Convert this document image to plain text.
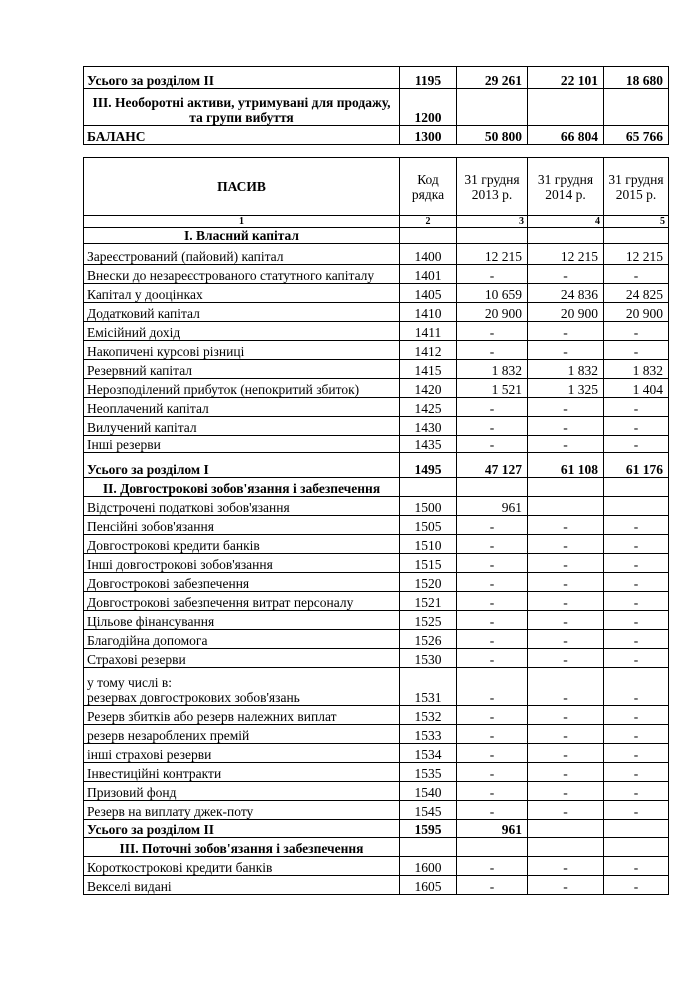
Усього за розділом II	1195	29 261	22 101	18 680
III. Необоротні активи, утримувані для продажу, та групи вибуття	1200			
БАЛАНС	1300	50 800	66 804	65 766
ПАСИВ	Код рядка	31 грудня 2013 р.	31 грудня 2014 р.	31 грудня 2015 р.
1	2	3	4	5
І. Власний капітал				
Зареєстрований (пайовий) капітал	1400	12 215	12 215	12 215
Внески до незареєстрованого статутного капіталу	1401	-	-	-
Капітал у дооцінках	1405	10 659	24 836	24 825
Додатковий капітал	1410	20 900	20 900	20 900
Емісійний дохід	1411	-	-	-
Накопичені курсові різниці	1412	-	-	-
Резервний капітал	1415	1 832	1 832	1 832
Нерозподілений прибуток (непокритий збиток)	1420	1 521	1 325	1 404
Неоплачений капітал	1425	-	-	-
Вилучений капітал	1430	-	-	-
Інші резерви	1435	-	-	-
Усього за розділом І	1495	47 127	61 108	61 176
ІІ. Довгострокові зобов'язання і забезпечення				
Відстрочені податкові зобов'язання	1500	961		
Пенсійні зобов'язання	1505	-	-	-
Довгострокові кредити банків	1510	-	-	-
Інші довгострокові зобов'язання	1515	-	-	-
Довгострокові забезпечення	1520	-	-	-
Довгострокові забезпечення витрат персоналу	1521	-	-	-
Цільове фінансування	1525	-	-	-
Благодійна допомога	1526	-	-	-
Страхові резерви	1530	-	-	-
у тому числі в:
резервах довгострокових зобов'язань	1531	-	-	-
Резерв збитків або резерв належних виплат	1532	-	-	-
резерв незароблених премій	1533	-	-	-
інші страхові резерви	1534	-	-	-
Інвестиційні контракти	1535	-	-	-
Призовий фонд	1540	-	-	-
Резерв на виплату джек-поту	1545	-	-	-
Усього за розділом ІІ	1595	961		
ІІІ. Поточні зобов'язання і забезпечення				
Короткострокові кредити банків	1600	-	-	-
Векселі видані	1605	-	-	-
